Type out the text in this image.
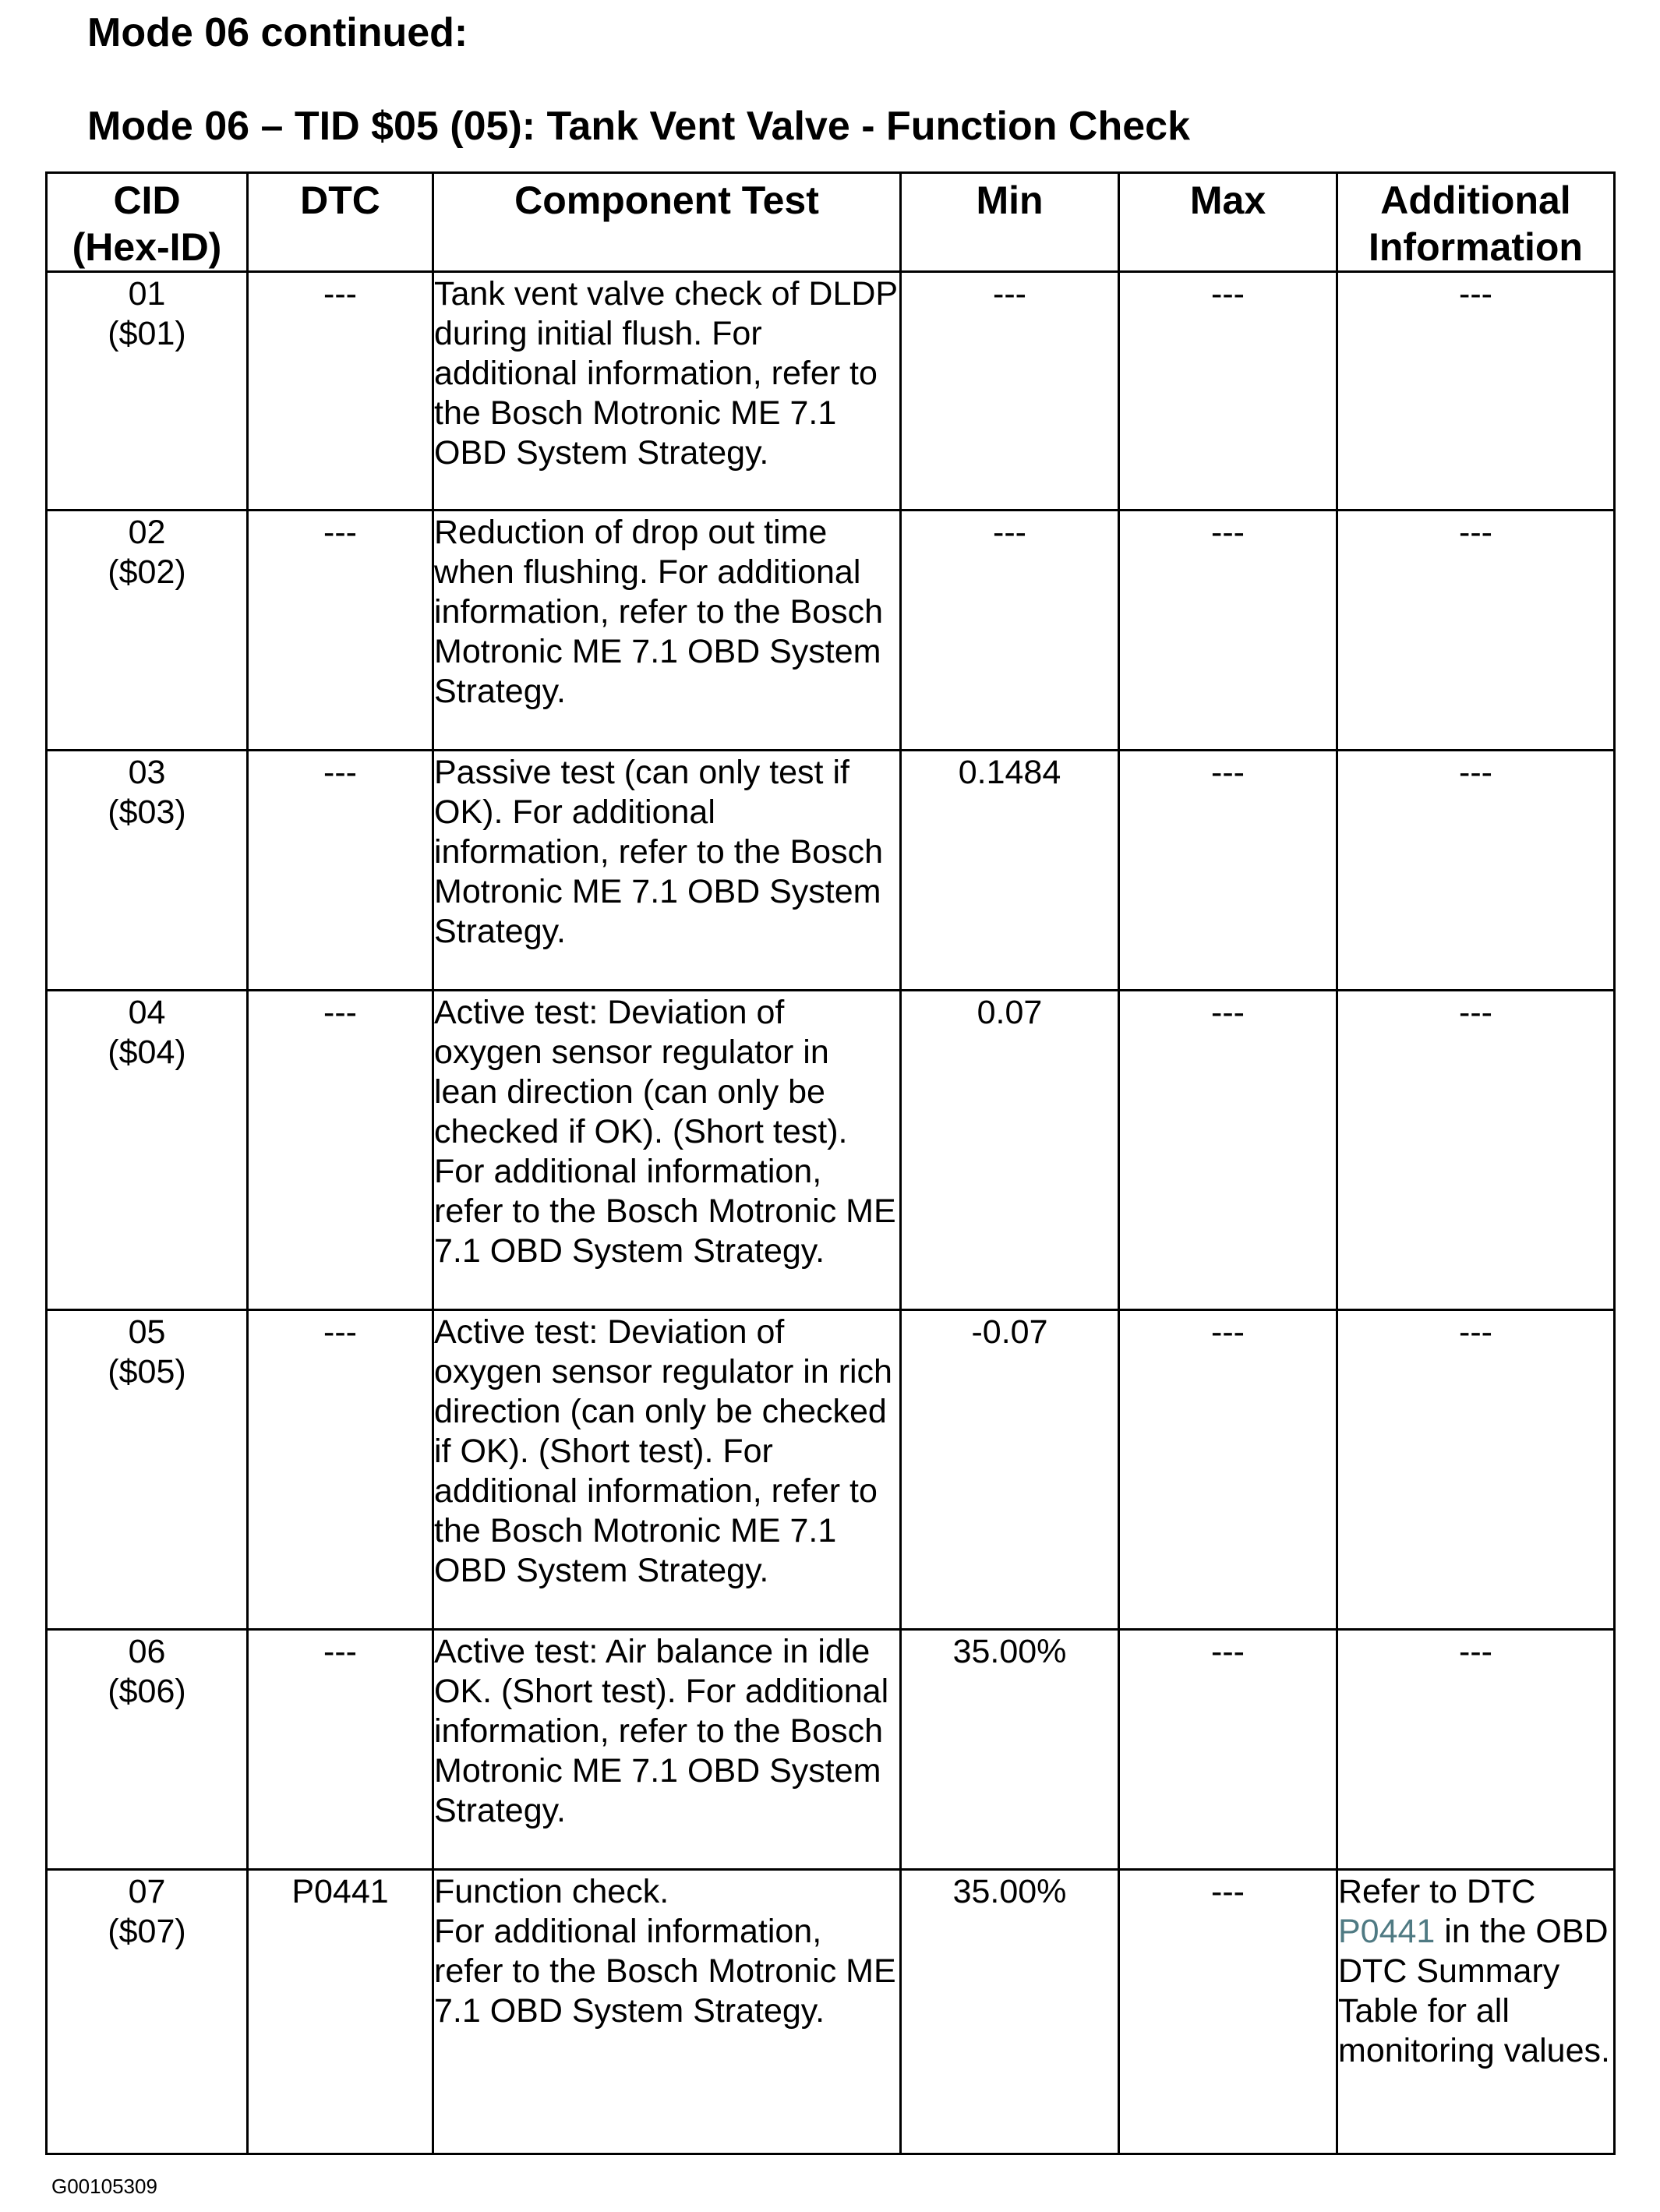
Mode 06 continued:
Mode 06 – TID $05 (05): Tank Vent Valve - Function Check
CID
(Hex-ID)	DTC	Component Test	Min	Max	Additional
Information

01
($01)	---	Tank vent valve check of DLDP during initial flush. For additional information, refer to the Bosch Motronic ME 7.1 OBD System Strategy.	---	---	---

02
($02)	---	Reduction of drop out time when flushing. For additional information, refer to the Bosch Motronic ME 7.1 OBD System Strategy.	---	---	---

03
($03)	---	Passive test (can only test if OK). For additional information, refer to the Bosch Motronic ME 7.1 OBD System Strategy.	0.1484	---	---

04
($04)	---	Active test: Deviation of oxygen sensor regulator in lean direction (can only be checked if OK). (Short test). For additional information, refer to the Bosch Motronic ME 7.1 OBD System Strategy.	0.07	---	---

05
($05)	---	Active test: Deviation of oxygen sensor regulator in rich direction (can only be checked if OK). (Short test). For additional information, refer to the Bosch Motronic ME 7.1 OBD System Strategy.	-0.07	---	---

06
($06)	---	Active test: Air balance in idle OK. (Short test). For additional information, refer to the Bosch Motronic ME 7.1 OBD System Strategy.	35.00%	---	---

07
($07)	P0441	Function check.
For additional information, refer to the Bosch Motronic ME 7.1 OBD System Strategy.	35.00%	---	Refer to DTC P0441 in the OBD DTC Summary Table for all monitoring values.
G00105309
